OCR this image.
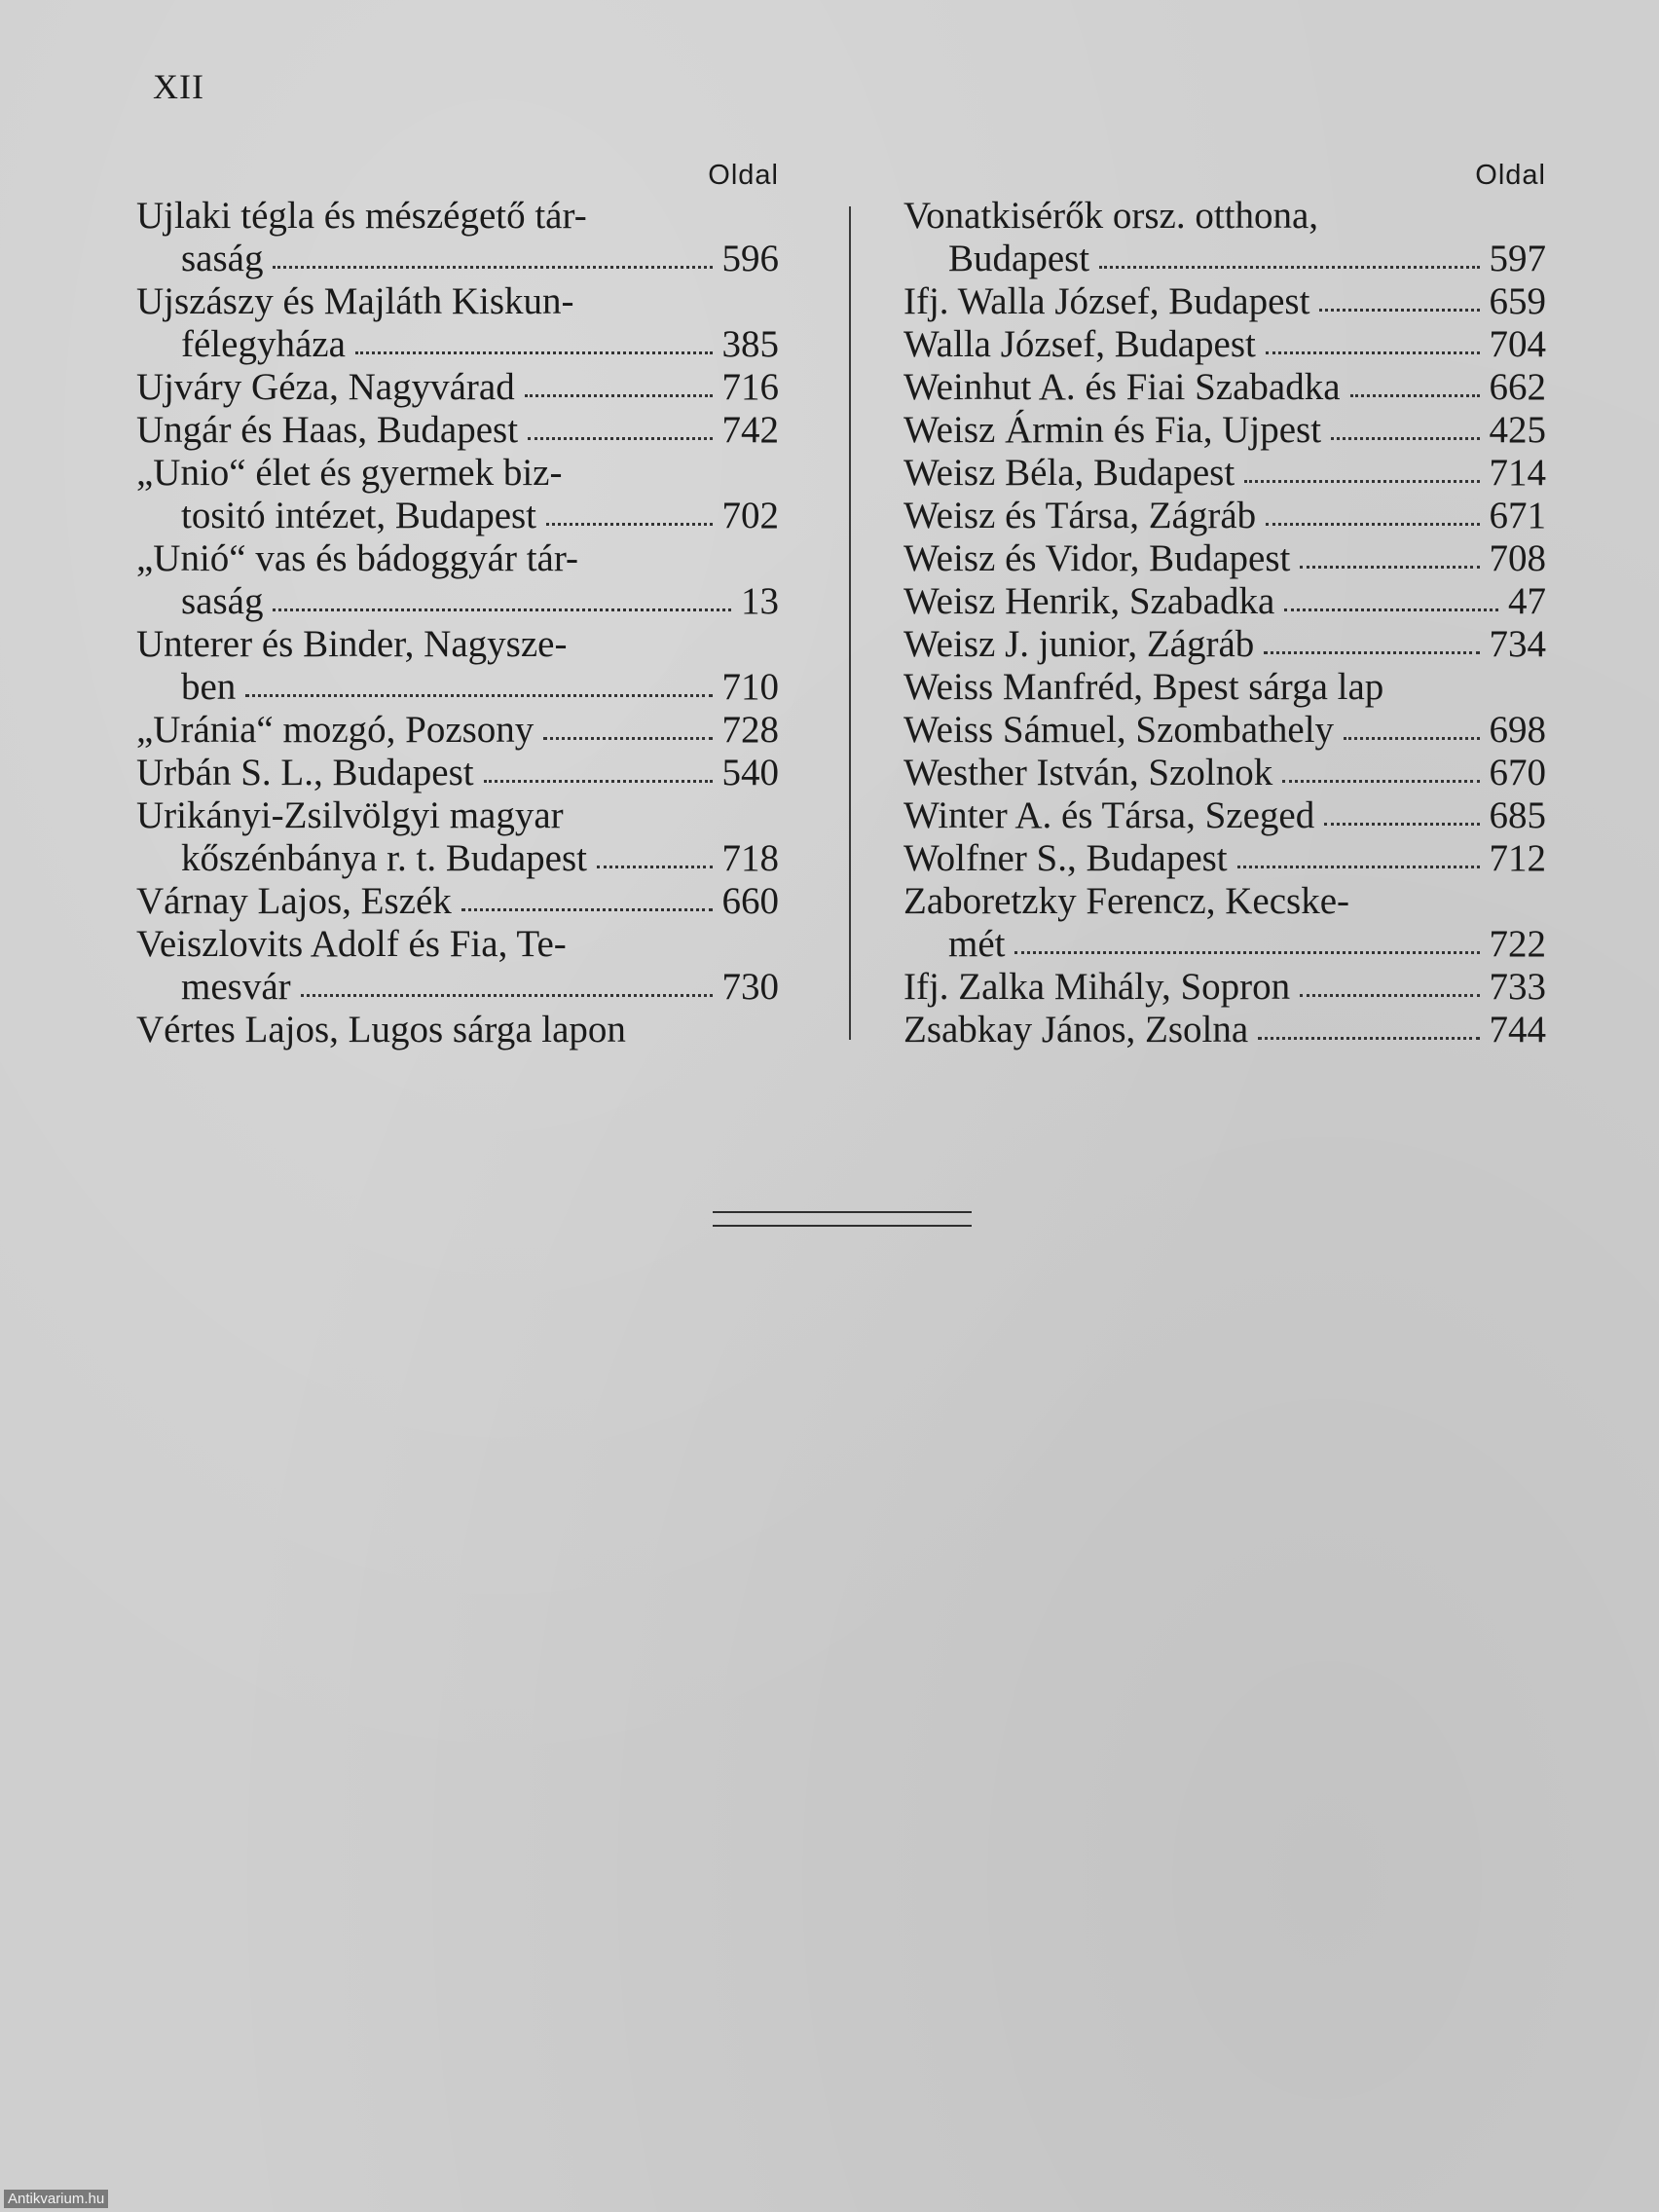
XII
Oldal
Ujlaki tégla és mészégető tár-
saság	596
Ujszászy és Majláth Kiskun-
félegyháza	385
Ujváry Géza, Nagyvárad	716
Ungár és Haas, Budapest	742
„Unio“ élet és gyermek biz-
tositó intézet, Budapest	702
„Unió“ vas és bádoggyár tár-
saság	13
Unterer és Binder, Nagysze-
ben	710
„Uránia“ mozgó, Pozsony	728
Urbán S. L., Budapest	540
Urikányi-Zsilvölgyi magyar
kőszénbánya r. t. Budapest	718
Várnay Lajos, Eszék	660
Veiszlovits Adolf és Fia, Te-
mesvár	730
Vértes Lajos, Lugos sárga lapon
Oldal
Vonatkisérők orsz. otthona,
Budapest	597
Ifj. Walla József, Budapest	659
Walla József, Budapest	704
Weinhut A. és Fiai Szabadka	662
Weisz Ármin és Fia, Ujpest	425
Weisz Béla, Budapest	714
Weisz és Társa, Zágráb	671
Weisz és Vidor, Budapest	708
Weisz Henrik, Szabadka	47
Weisz J. junior, Zágráb	734
Weiss Manfréd, Bpest sárga lap
Weiss Sámuel, Szombathely	698
Westher István, Szolnok	670
Winter A. és Társa, Szeged	685
Wolfner S., Budapest	712
Zaboretzky Ferencz, Kecske-
mét	722
Ifj. Zalka Mihály, Sopron	733
Zsabkay János, Zsolna	744
Antikvarium.hu
